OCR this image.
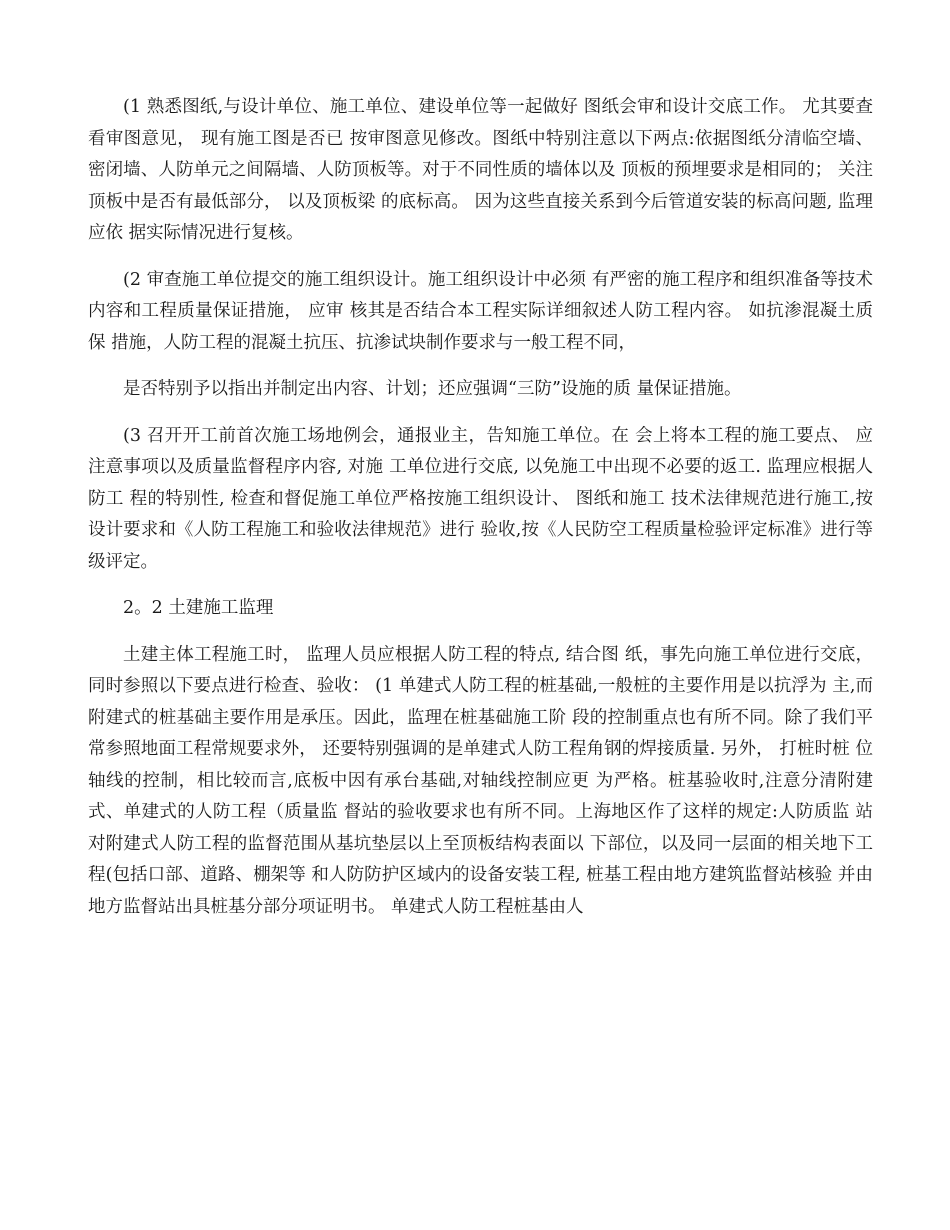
(1 熟悉图纸,与设计单位、施工单位、建设单位等一起做好 图纸会审和设计交底工作。 尤其要查看审图意见， 现有施工图是否已 按审图意见修改。图纸中特别注意以下两点:依据图纸分清临空墙、 密闭墙、人防单元之间隔墙、人防顶板等。对于不同性质的墙体以及 顶板的预埋要求是相同的； 关注顶板中是否有最低部分， 以及顶板梁 的底标高。 因为这些直接关系到今后管道安装的标高问题, 监理应依 据实际情况进行复核。

(2 审查施工单位提交的施工组织设计。施工组织设计中必须 有严密的施工程序和组织准备等技术内容和工程质量保证措施， 应审 核其是否结合本工程实际详细叙述人防工程内容。 如抗渗混凝土质保 措施，人防工程的混凝土抗压、抗渗试块制作要求与一般工程不同，

是否特别予以指出并制定出内容、计划；还应强调“三防”设施的质 量保证措施。

(3 召开开工前首次施工场地例会，通报业主，告知施工单位。在 会上将本工程的施工要点、 应注意事项以及质量监督程序内容, 对施 工单位进行交底, 以免施工中出现不必要的返工. 监理应根据人防工 程的特别性, 检查和督促施工单位严格按施工组织设计、 图纸和施工 技术法律规范进行施工,按设计要求和《人防工程施工和验收法律规范》进行 验收,按《人民防空工程质量检验评定标准》进行等级评定。

2。2 土建施工监理

土建主体工程施工时， 监理人员应根据人防工程的特点, 结合图 纸，事先向施工单位进行交底，同时参照以下要点进行检查、验收： (1 单建式人防工程的桩基础,一般桩的主要作用是以抗浮为 主,而附建式的桩基础主要作用是承压。因此，监理在桩基础施工阶 段的控制重点也有所不同。除了我们平常参照地面工程常规要求外， 还要特别强调的是单建式人防工程角钢的焊接质量. 另外， 打桩时桩 位轴线的控制，相比较而言,底板中因有承台基础,对轴线控制应更 为严格。桩基验收时,注意分清附建式、单建式的人防工程（质量监 督站的验收要求也有所不同。上海地区作了这样的规定:人防质监 站对附建式人防工程的监督范围从基坑垫层以上至顶板结构表面以 下部位，以及同一层面的相关地下工程(包括口部、道路、棚架等 和人防防护区域内的设备安装工程, 桩基工程由地方建筑监督站核验 并由地方监督站出具桩基分部分项证明书。 单建式人防工程桩基由人
